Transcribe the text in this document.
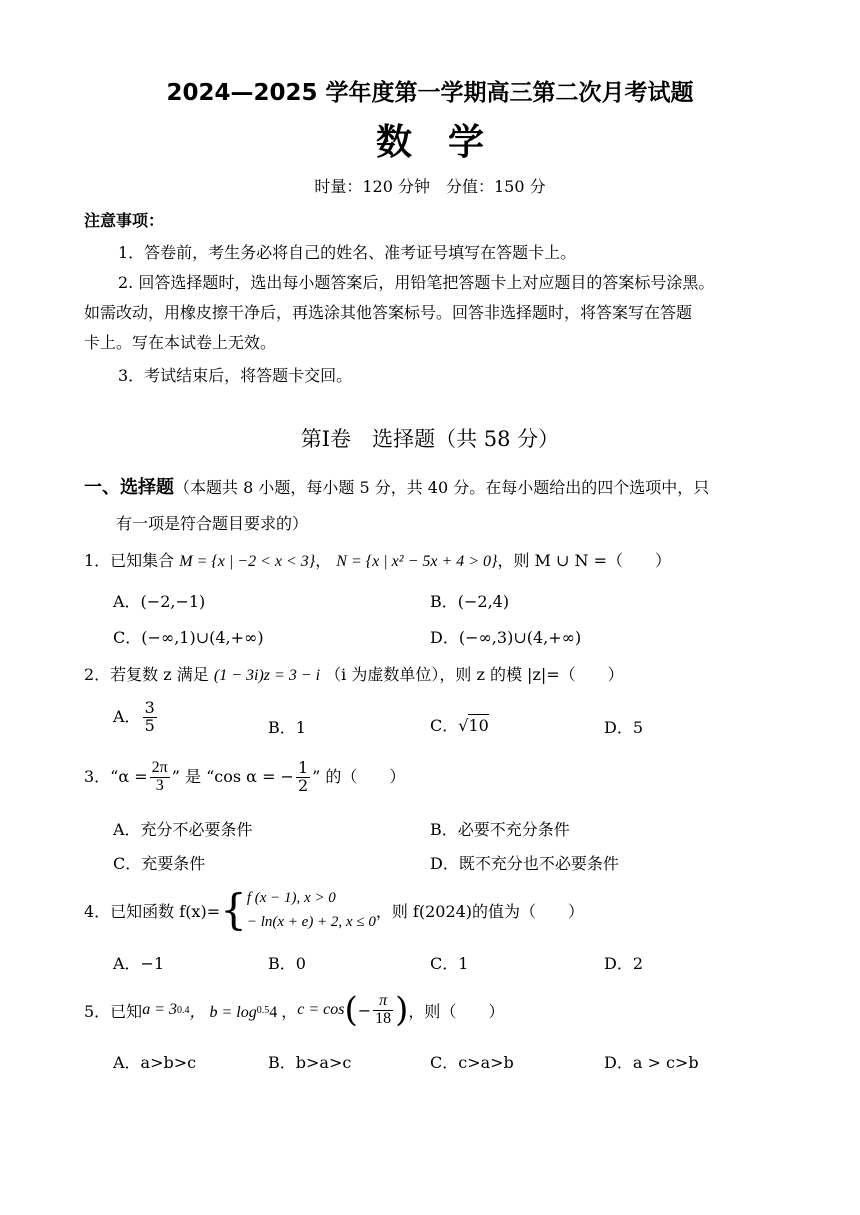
2024—2025 学年度第一学期高三第二次月考试题
数　学
时量：120 分钟　分值：150 分
注意事项：
1．答卷前，考生务必将自己的姓名、准考证号填写在答题卡上。
2. 回答选择题时，选出每小题答案后，用铅笔把答题卡上对应题目的答案标号涂黑。
如需改动，用橡皮擦干净后，再选涂其他答案标号。回答非选择题时，将答案写在答题
卡上。写在本试卷上无效。
3．考试结束后，将答题卡交回。
第Ⅰ卷　选择题（共 58 分）
一、选择题（本题共 8 小题，每小题 5 分，共 40 分。在每小题给出的四个选项中，只
有一项是符合题目要求的）
1．已知集合 M = {x | −2 < x < 3}， N = {x | x² − 5x + 4 > 0}，则 M ∪ N =（　　）
A．(−2,−1)	B．(−2,4)
C．(−∞,1)∪(4,+∞)	D．(−∞,3)∪(4,+∞)
2．若复数 z 满足 (1 − 3i)z = 3 − i （i 为虚数单位），则 z 的模 |z|=（　　）
A． $\frac{3}{5}$	B．1	C．√10	D．5
3．“$\alpha = \frac{2\pi}{3}$ ” 是 “cos α = − $\frac{1}{2}$ ” 的（　　）
A．充分不必要条件	B．必要不充分条件
C．充要条件	D．既不充分也不必要条件
4．已知函数 f(x)= { f (x − 1), x > 0
− ln(x + e) + 2, x ≤ 0
，则 f(2024)的值为（　　）
A．−1	B．0	C．1	D．2
5．已知 a = 3 0.4 ， b = log 0.5 4 ， c = cos ( − $\frac{\pi}{18}$ ) ，则（　　）
A．a>b>c	B．b>a>c	C．c>a>b	D．a > c>b
